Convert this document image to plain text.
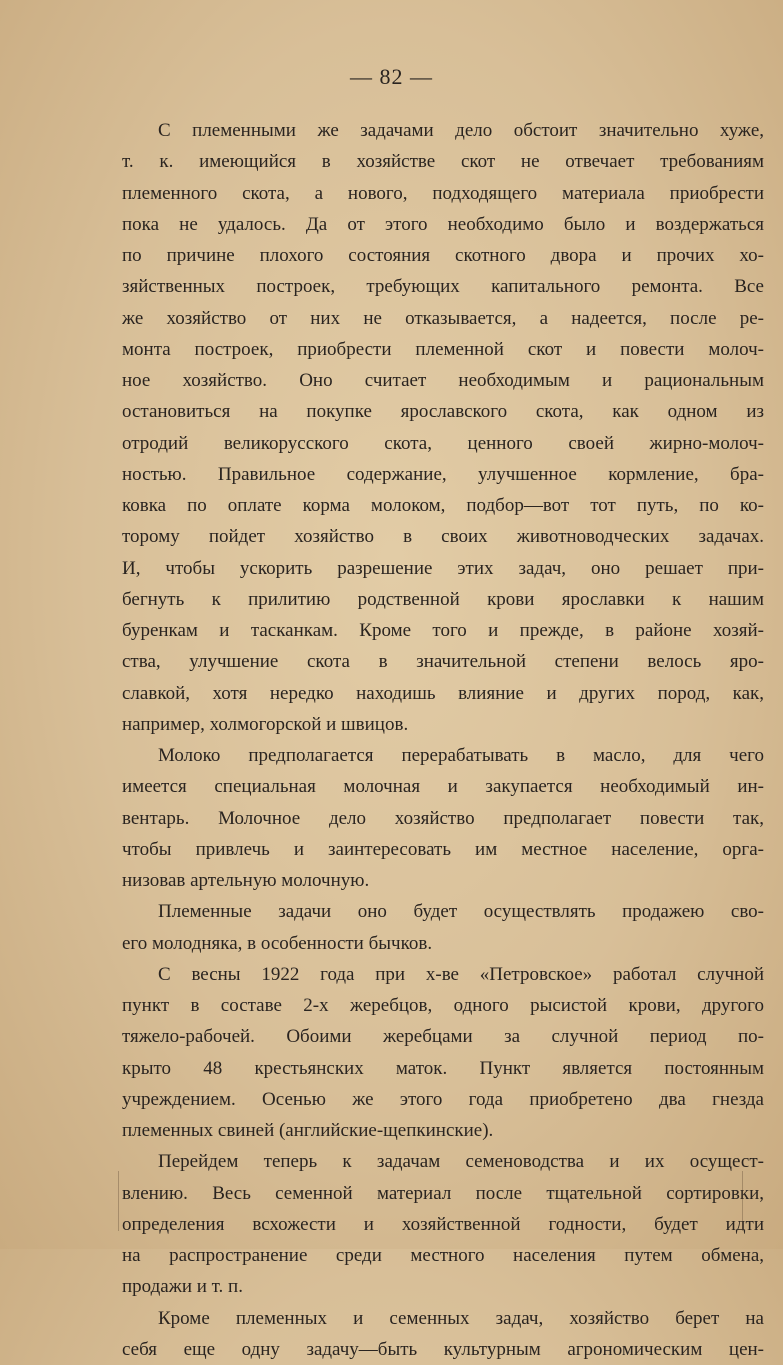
— 82 —
С племенными же задачами дело обстоит значительно хуже,
т. к. имеющийся в хозяйстве скот не отвечает требованиям
племенного скота, а нового, подходящего материала приобрести
пока не удалось. Да от этого необходимо было и воздержаться
по причине плохого состояния скотного двора и прочих хо-
зяйственных построек, требующих капитального ремонта. Все
же хозяйство от них не отказывается, а надеется, после ре-
монта построек, приобрести племенной скот и повести молоч-
ное хозяйство. Оно считает необходимым и рациональным
остановиться на покупке ярославского скота, как одном из
отродий великорусского скота, ценного своей жирно-молоч-
ностью. Правильное содержание, улучшенное кормление, бра-
ковка по оплате корма молоком, подбор—вот тот путь, по ко-
торому пойдет хозяйство в своих животноводческих задачах.
И, чтобы ускорить разрешение этих задач, оно решает при-
бегнуть к прилитию родственной крови ярославки к нашим
буренкам и тасканкам. Кроме того и прежде, в районе хозяй-
ства, улучшение скота в значительной степени велось яро-
славкой, хотя нередко находишь влияние и других пород, как,
например, холмогорской и швицов.
Молоко предполагается перерабатывать в масло, для чего
имеется специальная молочная и закупается необходимый ин-
вентарь. Молочное дело хозяйство предполагает повести так,
чтобы привлечь и заинтересовать им местное население, орга-
низовав артельную молочную.
Племенные задачи оно будет осуществлять продажею сво-
его молодняка, в особенности бычков.
С весны 1922 года при х-ве «Петровское» работал случной
пункт в составе 2-х жеребцов, одного рысистой крови, другого
тяжело-рабочей. Обоими жеребцами за случной период по-
крыто 48 крестьянских маток. Пункт является постоянным
учреждением. Осенью же этого года приобретено два гнезда
племенных свиней (английские-щепкинские).
Перейдем теперь к задачам семеноводства и их осущест-
влению. Весь семенной материал после тщательной сортировки,
определения всхожести и хозяйственной годности, будет идти
на распространение среди местного населения путем обмена,
продажи и т. п.
Кроме племенных и семенных задач, хозяйство берет на
себя еще одну задачу—быть культурным агрономическим цен-
